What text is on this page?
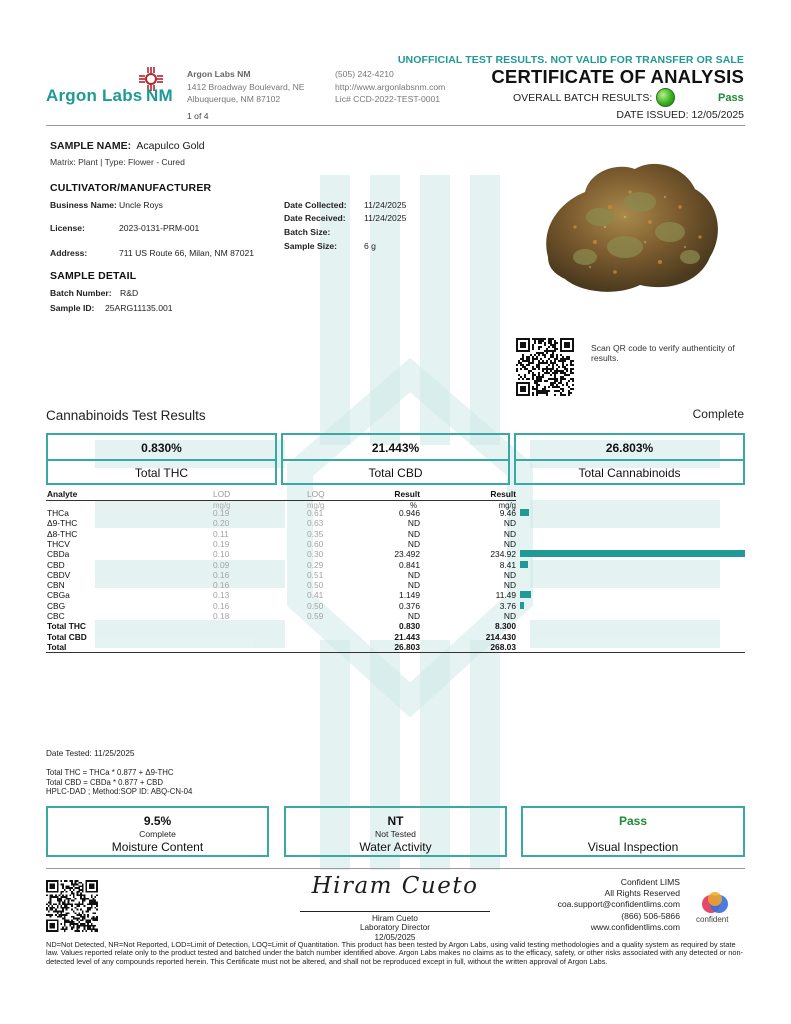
Argon Labs NM
Argon Labs NM
1412 Broadway Boulevard, NE
Albuquerque, NM 87102
1 of 4
(505) 242-4210
http://www.argonlabsnm.com
Lic# CCD-2022-TEST-0001
UNOFFICIAL TEST RESULTS. NOT VALID FOR TRANSFER OR SALE
CERTIFICATE OF ANALYSIS
OVERALL BATCH RESULTS:	Pass
DATE ISSUED: 12/05/2025
SAMPLE NAME: Acapulco Gold
Matrix: Plant | Type: Flower - Cured
CULTIVATOR/MANUFACTURER
Business Name: Uncle Roys
License:	2023-0131-PRM-001
Address:	711 US Route 66, Milan, NM 87021
Date Collected: 11/24/2025
Date Received: 11/24/2025
Batch Size:
Sample Size:	6 g
SAMPLE DETAIL
Batch Number: R&D
Sample ID: 25ARG11135.001
Scan QR code to verify authenticity of results.
Cannabinoids Test Results	Complete
0.830%
Total THC
21.443%
Total CBD
26.803%
Total Cannabinoids
Analyte	LOD	LOQ	Result	Result
mg/g	mg/g	%	mg/g
THCa	0.19	0.61	0.946	9.46
Δ9-THC	0.20	0.63	ND	ND
Δ8-THC	0.11	0.35	ND	ND
THCV	0.19	0.60	ND	ND
CBDa	0.10	0.30	23.492	234.92
CBD	0.09	0.29	0.841	8.41
CBDV	0.16	0.51	ND	ND
CBN	0.16	0.50	ND	ND
CBGa	0.13	0.41	1.149	11.49
CBG	0.16	0.50	0.376	3.76
CBC	0.18	0.59	ND	ND
Total THC	0.830	8.300
Total CBD	21.443	214.430
Total	26.803	268.03
Date Tested: 11/25/2025
Total THC = THCa * 0.877 + Δ9-THC
Total CBD = CBDa * 0.877 + CBD
HPLC-DAD ; Method:SOP ID: ABQ-CN-04
9.5%
Complete
Moisture Content
NT
Not Tested
Water Activity
Pass
Visual Inspection
Hiram Cueto
Hiram Cueto
Laboratory Director
12/05/2025
Confident LIMS
All Rights Reserved
coa.support@confidentlims.com
(866) 506-5866
www.confidentlims.com
confident
ND=Not Detected, NR=Not Reported, LOD=Limit of Detection, LOQ=Limit of Quantitation. This product has been tested by Argon Labs, using valid testing methodologies and a quality system as required by state law. Values reported relate only to the product tested and batched under the batch number identified above. Argon Labs makes no claims as to the efficacy, safety, or other risks associated with any detected or non-detected level of any compounds reported herein. This Certificate must not be altered, and shall not be reproduced except in full, without the written approval of Argon Labs.
